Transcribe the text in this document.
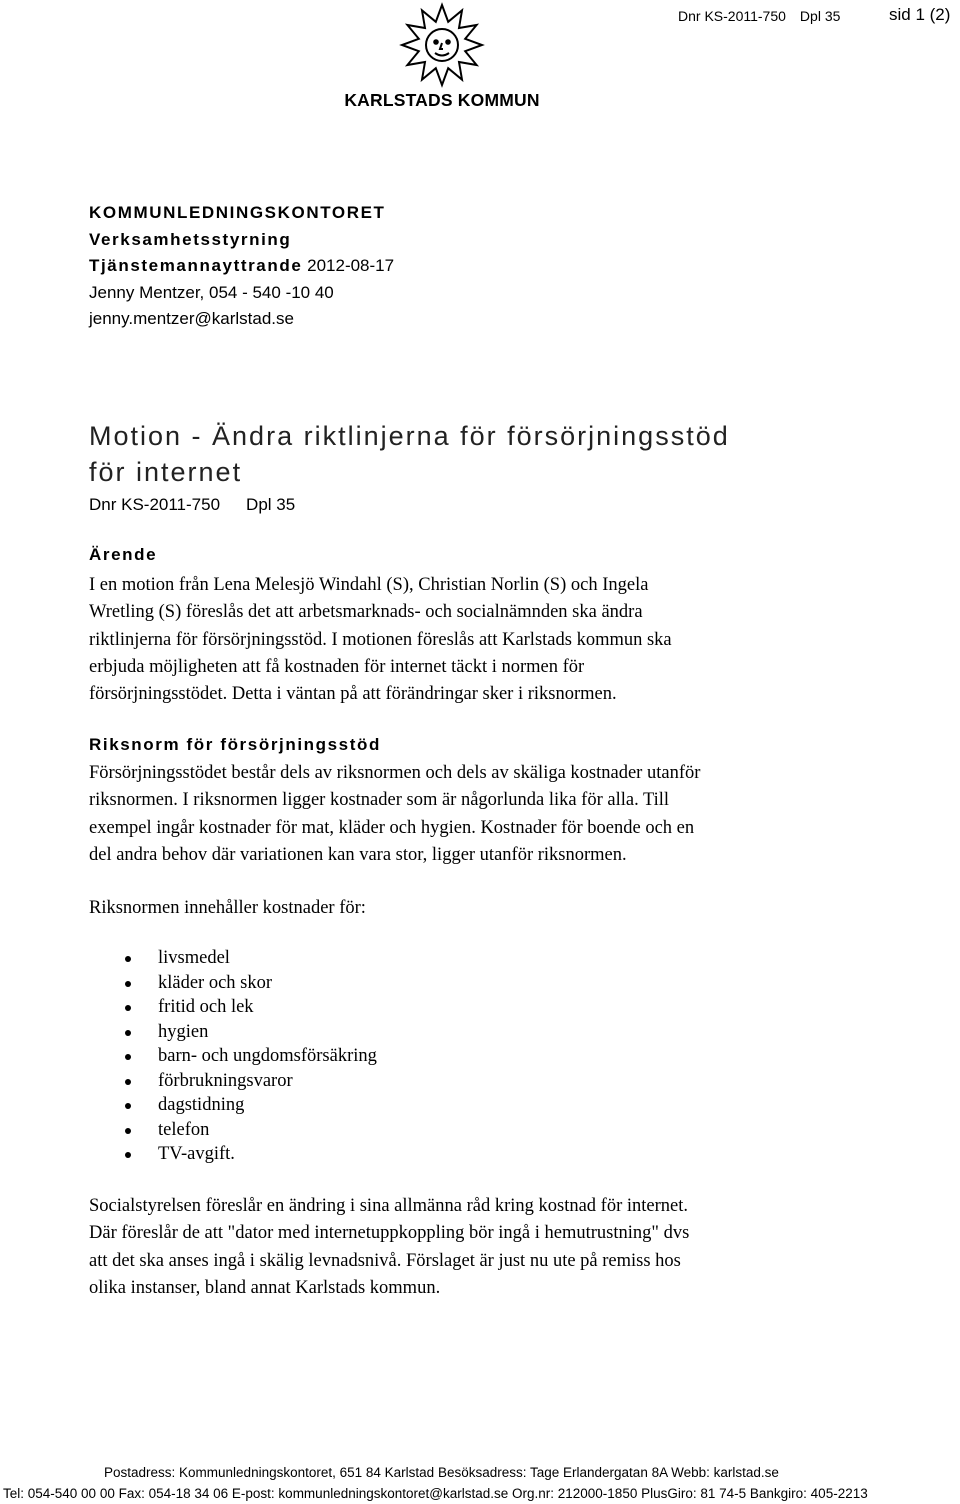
Dnr KS-2011-750 Dpl 35	sid 1 (2)
KARLSTADS KOMMUN
KOMMUNLEDNINGSKONTORET
Verksamhetsstyrning
Tjänstemannayttrande 2012-08-17
Jenny Mentzer, 054 - 540 -10 40
jenny.mentzer@karlstad.se
Motion - Ändra riktlinjerna för försörjningsstöd
för internet
Dnr KS-2011-750 Dpl 35
Ärende
I en motion från Lena Melesjö Windahl (S), Christian Norlin (S) och Ingela
Wretling (S) föreslås det att arbetsmarknads- och socialnämnden ska ändra
riktlinjerna för försörjningsstöd. I motionen föreslås att Karlstads kommun ska
erbjuda möjligheten att få kostnaden för internet täckt i normen för
försörjningsstödet. Detta i väntan på att förändringar sker i riksnormen.
Riksnorm för försörjningsstöd
Försörjningsstödet består dels av riksnormen och dels av skäliga kostnader utanför
riksnormen. I riksnormen ligger kostnader som är någorlunda lika för alla. Till
exempel ingår kostnader för mat, kläder och hygien. Kostnader för boende och en
del andra behov där variationen kan vara stor, ligger utanför riksnormen.
Riksnormen innehåller kostnader för:
livsmedel
kläder och skor
fritid och lek
hygien
barn- och ungdomsförsäkring
förbrukningsvaror
dagstidning
telefon
TV-avgift.
Socialstyrelsen föreslår en ändring i sina allmänna råd kring kostnad för internet.
Där föreslår de att "dator med internetuppkoppling bör ingå i hemutrustning" dvs
att det ska anses ingå i skälig levnadsnivå. Förslaget är just nu ute på remiss hos
olika instanser, bland annat Karlstads kommun.
Postadress: Kommunledningskontoret, 651 84 Karlstad Besöksadress: Tage Erlandergatan 8A Webb: karlstad.se
Tel: 054-540 00 00 Fax: 054-18 34 06 E-post: kommunledningskontoret@karlstad.se Org.nr: 212000-1850 PlusGiro: 81 74-5 Bankgiro: 405-2213
